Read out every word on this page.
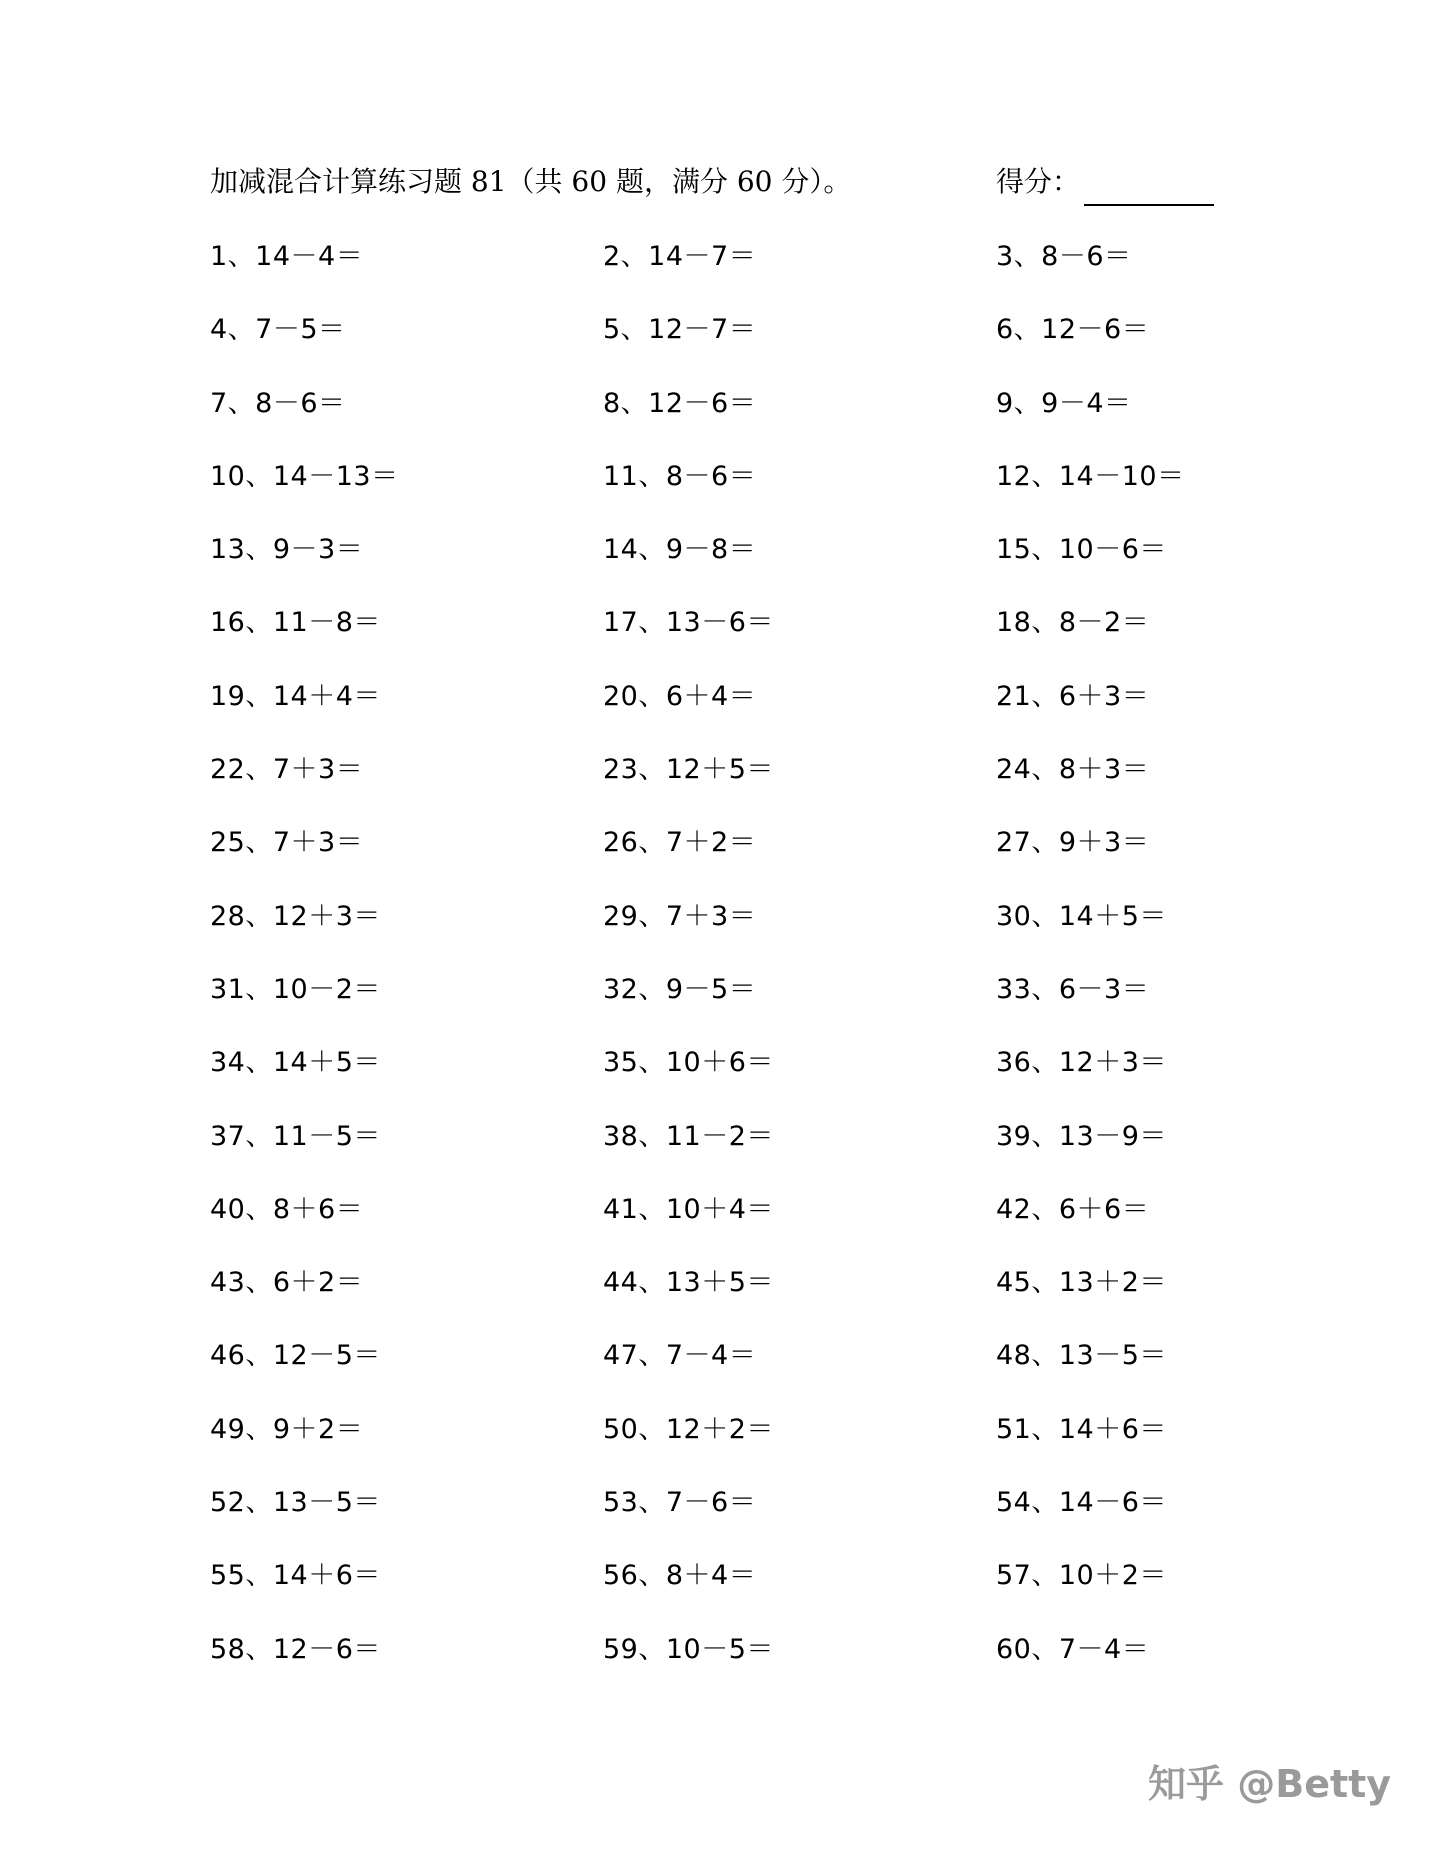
加减混合计算练习题 81（共 60 题，满分 60 分）。	得分：
1、14－4＝	2、14－7＝	3、8－6＝
4、7－5＝	5、12－7＝	6、12－6＝
7、8－6＝	8、12－6＝	9、9－4＝
10、14－13＝	11、8－6＝	12、14－10＝
13、9－3＝	14、9－8＝	15、10－6＝
16、11－8＝	17、13－6＝	18、8－2＝
19、14＋4＝	20、6＋4＝	21、6＋3＝
22、7＋3＝	23、12＋5＝	24、8＋3＝
25、7＋3＝	26、7＋2＝	27、9＋3＝
28、12＋3＝	29、7＋3＝	30、14＋5＝
31、10－2＝	32、9－5＝	33、6－3＝
34、14＋5＝	35、10＋6＝	36、12＋3＝
37、11－5＝	38、11－2＝	39、13－9＝
40、8＋6＝	41、10＋4＝	42、6＋6＝
43、6＋2＝	44、13＋5＝	45、13＋2＝
46、12－5＝	47、7－4＝	48、13－5＝
49、9＋2＝	50、12＋2＝	51、14＋6＝
52、13－5＝	53、7－6＝	54、14－6＝
55、14＋6＝	56、8＋4＝	57、10＋2＝
58、12－6＝	59、10－5＝	60、7－4＝
知乎 @Betty
